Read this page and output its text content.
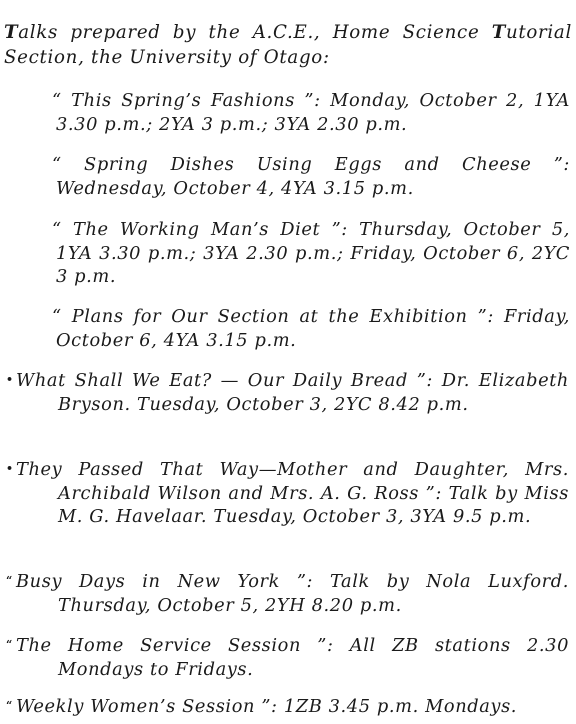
Talks prepared by the A.C.E., Home Science Tutorial Section, the University of Otago:
“ This Spring’s Fashions ”: Monday, October 2, 1YA 3.30 p.m.; 2YA 3 p.m.; 3YA 2.30 p.m.
“ Spring Dishes Using Eggs and Cheese ”: Wednesday, October 4, 4YA 3.15 p.m.
“ The Working Man’s Diet ”: Thursday, October 5, 1YA 3.30 p.m.; 3YA 2.30 p.m.; Friday, October 6, 2YC 3 p.m.
“ Plans for Our Section at the Exhibition ”: Friday, October 6, 4YA 3.15 p.m.
• What Shall We Eat? — Our Daily Bread ”: Dr. Elizabeth Bryson. Tuesday, October 3, 2YC 8.42 p.m.
• They Passed That Way—Mother and Daughter, Mrs. Archibald Wilson and Mrs. A. G. Ross ”: Talk by Miss M. G. Havelaar. Tuesday, October 3, 3YA 9.5 p.m.
“ Busy Days in New York ”: Talk by Nola Luxford. Thursday, October 5, 2YH 8.20 p.m.
“ The Home Service Session ”: All ZB stations 2.30 Mondays to Fridays.
“ Weekly Women’s Session ”: 1ZB 3.45 p.m. Mondays.
